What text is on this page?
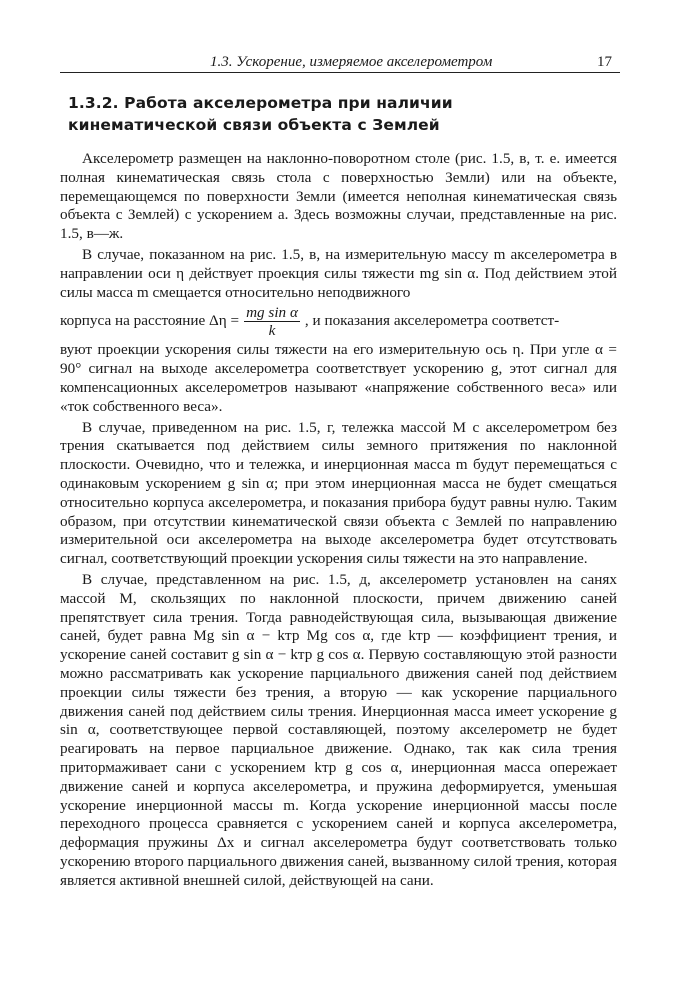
1.3. Ускорение, измеряемое акселерометром	17
1.3.2. Работа акселерометра при наличии
кинематической связи объекта с Землей

Акселерометр размещен на наклонно-поворотном столе (рис. 1.5, в, т. е. имеется полная кинематическая связь стола с поверхностью Земли) или на объекте, перемещающемся по поверхности Земли (имеется неполная кинематическая связь объекта с Землей) с ускорением a. Здесь возможны случаи, представленные на рис. 1.5, в—ж.

В случае, показанном на рис. 1.5, в, на измерительную массу m акселерометра в направлении оси η действует проекция силы тяжести mg sin α. Под действием этой силы масса m смещается относительно неподвижного

корпуса на расстояние $\Delta\eta = \frac{\text{mg sin α}}{k}$ , и показания акселерометра соответст-

вуют проекции ускорения силы тяжести на его измерительную ось η. При угле α = 90° сигнал на выходе акселерометра соответствует ускорению g, этот сигнал для компенсационных акселерометров называют «напряжение собственного веса» или «ток собственного веса».

В случае, приведенном на рис. 1.5, г, тележка массой M с акселерометром без трения скатывается под действием силы земного притяжения по наклонной плоскости. Очевидно, что и тележка, и инерционная масса m будут перемещаться с одинаковым ускорением g sin α; при этом инерционная масса не будет смещаться относительно корпуса акселерометра, и показания прибора будут равны нулю. Таким образом, при отсутствии кинематической связи объекта с Землей по направлению измерительной оси акселерометра на выходе акселерометра будет отсутствовать сигнал, соответствующий проекции ускорения силы тяжести на это направление.

В случае, представленном на рис. 1.5, д, акселерометр установлен на санях массой M, скользящих по наклонной плоскости, причем движению саней препятствует сила трения. Тогда равнодействующая сила, вызывающая движение саней, будет равна Mg sin α − kтр Mg cos α, где kтр — коэффициент трения, и ускорение саней составит g sin α − kтр g cos α. Первую составляющую этой разности можно рассматривать как ускорение парциального движения саней под действием проекции силы тяжести без трения, а вторую — как ускорение парциального движения саней под действием силы трения. Инерционная масса имеет ускорение g sin α, соответствующее первой составляющей, поэтому акселерометр не будет реагировать на первое парциальное движение. Однако, так как сила трения притормаживает сани с ускорением kтр g cos α, инерционная масса опережает движение саней и корпуса акселерометра, и пружина деформируется, уменьшая ускорение инерционной массы m. Когда ускорение инерционной массы после переходного процесса сравняется с ускорением саней и корпуса акселерометра, деформация пружины Δx и сигнал акселерометра будут соответствовать только ускорению второго парциального движения саней, вызванному силой трения, которая является активной внешней силой, действующей на сани.
